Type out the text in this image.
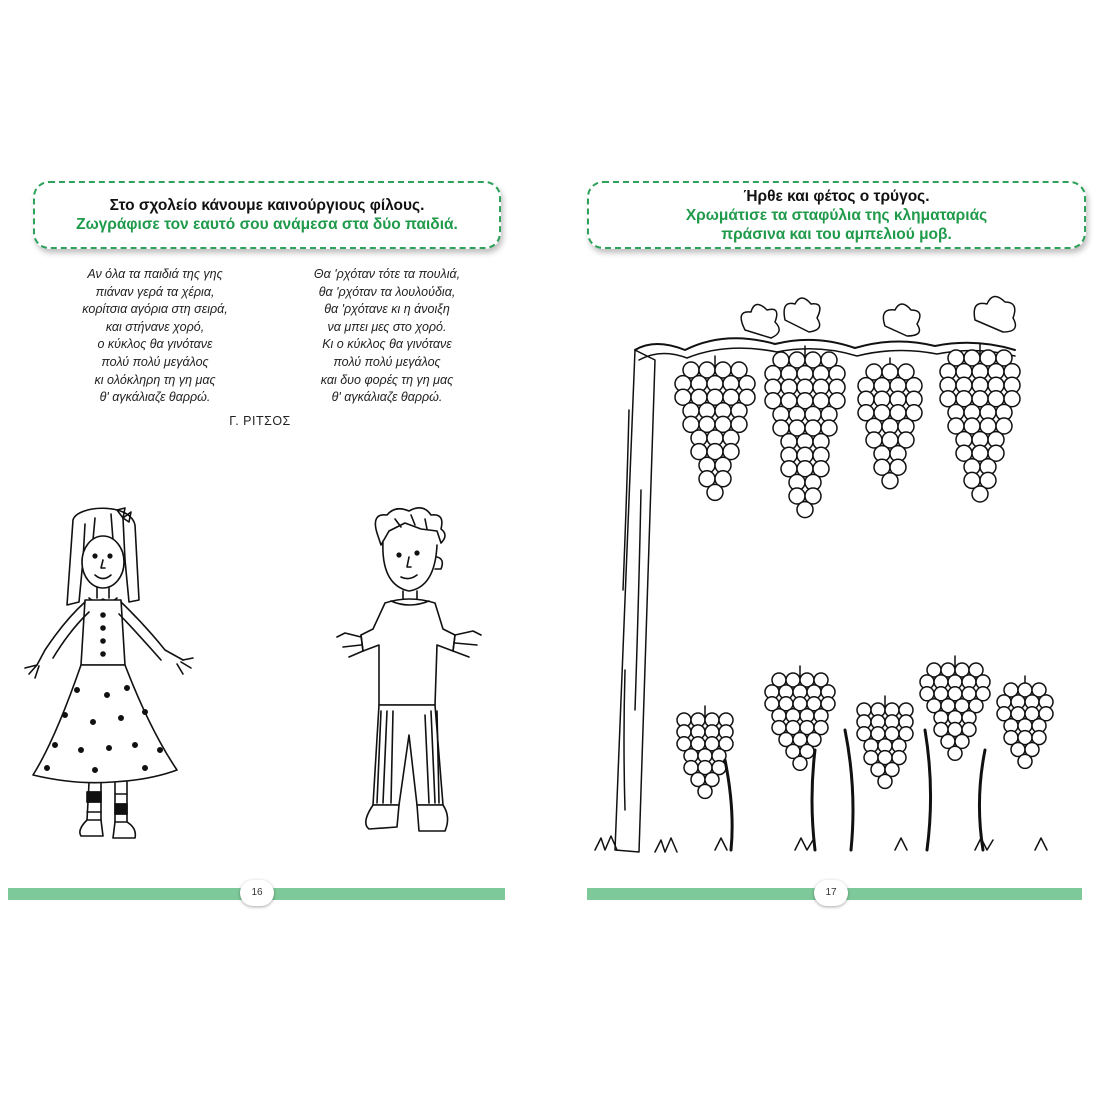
Στο σχολείο κάνουμε καινούργιους φίλους.
Ζωγράφισε τον εαυτό σου ανάμεσα στα δύο παιδιά.
Αν όλα τα παιδιά της γης
πιάναν γερά τα χέρια,
κορίτσια αγόρια στη σειρά,
και στήνανε χορό,
ο κύκλος θα γινότανε
πολύ πολύ μεγάλος
κι ολόκληρη τη γη μας
θ' αγκάλιαζε θαρρώ.
Θα 'ρχόταν τότε τα πουλιά,
θα 'ρχόταν τα λουλούδια,
θα 'ρχότανε κι η άνοιξη
να μπει μες στο χορό.
Κι ο κύκλος θα γινότανε
πολύ πολύ μεγάλος
και δυο φορές τη γη μας
θ' αγκάλιαζε θαρρώ.
Γ. ΡΙΤΣΟΣ
16
Ήρθε και φέτος ο τρύγος.
Χρωμάτισε τα σταφύλια της κληματαριάς
πράσινα και του αμπελιού μοβ.
17
